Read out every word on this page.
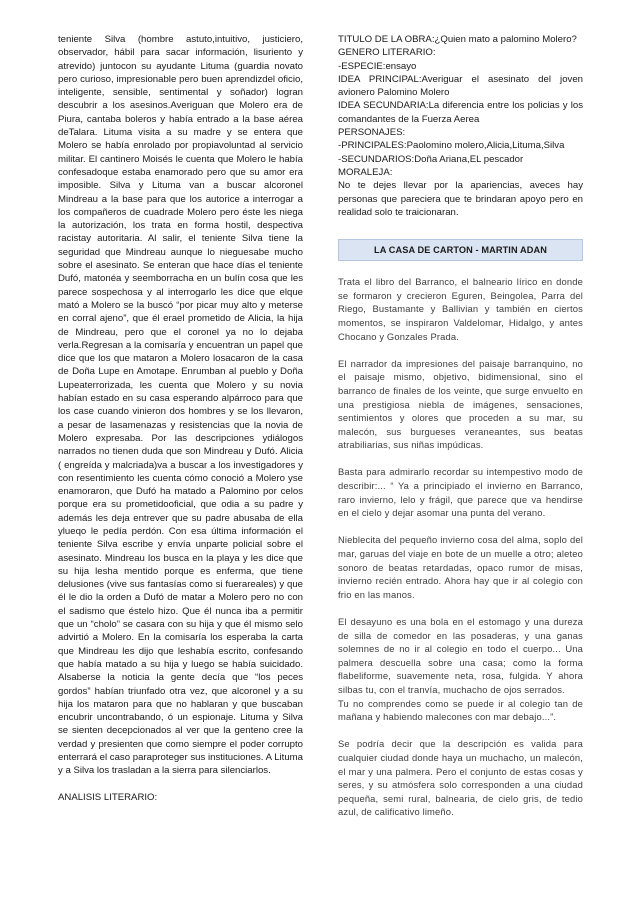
teniente Silva (hombre astuto,intuitivo, justiciero, observador, hábil para sacar información, lisuriento y atrevido) juntocon su ayudante Lituma (guardia novato pero curioso, impresionable pero buen aprendizdel oficio, inteligente, sensible, sentimental y soñador) logran descubrir a los asesinos.Averiguan que Molero era de Piura, cantaba boleros y había entrado a la base aérea deTalara. Lituma visita a su madre y se entera que Molero se había enrolado por propiavoluntad al servicio militar. El cantinero Moisés le cuenta que Molero le había confesadoque estaba enamorado pero que su amor era imposible. Silva y Lituma van a buscar alcoronel Mindreau a la base para que los autorice a interrogar a los compañeros de cuadrade Molero pero éste les niega la autorización, los trata en forma hostil, despectiva racistay autoritaria. Al salir, el teniente Silva tiene la seguridad que Mindreau aunque lo nieguesabe mucho sobre el asesinato. Se enteran que hace días el teniente Dufó, matonéa y seemborracha en un bulín cosa que les parece sospechosa y al interrogarlo les dice que elque mató a Molero se la buscó “por picar muy alto y meterse en corral ajeno”, que él erael prometido de Alicia, la hija de Mindreau, pero que el coronel ya no lo dejaba verla.Regresan a la comisaría y encuentran un papel que dice que los que mataron a Molero losacaron de la casa de Doña Lupe en Amotape. Enrumban al pueblo y Doña Lupeaterrorizada, les cuenta que Molero y su novia habían estado en su casa esperando alpárroco para que los case cuando vinieron dos hombres y se los llevaron, a pesar de lasamenazas y resistencias que la novia de Molero expresaba. Por las descripciones ydiálogos narrados no tienen duda que son Mindreau y Dufó. Alicia ( engreída y malcriada)va a buscar a los investigadores y con resentimiento les cuenta cómo conoció a Molero yse enamoraron, que Dufó ha matado a Palomino por celos porque era su prometidooficial, que odia a su padre y además les deja entrever que su padre abusaba de ella ylueqo le pedía perdón. Con esa última información el teniente Silva escribe y envía unparte policial sobre el asesinato. Mindreau los busca en la playa y les dice que su hija lesha mentido porque es enferma, que tiene delusiones (vive sus fantasías como si fuerareales) y que él le dio la orden a Dufó de matar a Molero pero no con el sadismo que éstelo hizo. Que él nunca iba a permitir que un “cholo” se casara con su hija y que él mismo selo advirtió a Molero. En la comisaría los esperaba la carta que Mindreau les dijo que leshabía escrito, confesando que había matado a su hija y luego se había suicidado. Alsaberse la noticia la gente decía que “los peces gordos” habían triunfado otra vez, que alcoronel y a su hija los mataron para que no hablaran y que buscaban encubrir uncontrabando, ó un espionaje. Lituma y Silva se sienten decepcionados al ver que la genteno cree la verdad y presienten que como siempre el poder corrupto enterrará el caso paraproteger sus instituciones. A Lituma y a Silva los trasladan a la sierra para silenciarlos.

ANALISIS LITERARIO:

TITULO DE LA OBRA:¿Quien mato a palomino Molero?

GENERO LITERARIO:

-ESPECIE:ensayo

IDEA PRINCIPAL:Averiguar el asesinato del joven avionero Palomino Molero

IDEA SECUNDARIA:La diferencia entre los policias y los comandantes de la Fuerza Aerea

PERSONAJES:

-PRINCIPALES:Paolomino molero,Alicia,Lituma,Silva

-SECUNDARIOS:Doña Ariana,EL pescador

MORALEJA:

No te dejes llevar por la apariencias, aveces hay personas que pareciera que te brindaran apoyo pero en realidad solo te traicionaran.

LA CASA DE CARTON - MARTIN ADAN

Trata el libro del Barranco, el balneario lírico en donde se formaron y crecieron Eguren, Beingolea, Parra del Riego, Bustamante y Ballivian y también en ciertos momentos, se inspiraron Valdelomar, Hidalgo, y antes Chocano y Gonzales Prada.

El narrador da impresiones del paisaje barranquino, no el paisaje mismo, objetivo, bidimensional, sino el barranco de finales de los veinte, que surge envuelto en una prestigiosa niebla de imágenes, sensaciones, sentimientos y olores que proceden a su mar, su malecón, sus burgueses veraneantes, sus beatas atrabiliarias, sus niñas impúdicas.

Basta para admirarlo recordar su intempestivo modo de describir:... “ Ya a principiado el invierno en Barranco, raro invierno, lelo y frágil, que parece que va hendirse en el cielo y dejar asomar una punta del verano.

Nieblecita del pequeño invierno cosa del alma, soplo del mar, garuas del viaje en bote de un muelle a otro; aleteo sonoro de beatas retardadas, opaco rumor de misas, invierno recién entrado. Ahora hay que ir al colegio con frio en las manos.

El desayuno es una bola en el estomago y una dureza de silla de comedor en las posaderas, y una ganas solemnes de no ir al colegio en todo el cuerpo... Una palmera descuella sobre una casa; como la forma flabeliforme, suavemente neta, rosa, fulgida. Y ahora silbas tu, con el tranvía, muchacho de ojos serrados.

Tu no comprendes como se puede ir al colegio tan de mañana y habiendo malecones con mar debajo...”.

Se podría decir que la descripción es valida para cualquier ciudad donde haya un muchacho, un malecón, el mar y una palmera. Pero el conjunto de estas cosas y seres, y su atmósfera solo corresponden a una ciudad pequeña, semi rural, balnearia, de cielo gris, de tedio azul, de calificativo limeño.
